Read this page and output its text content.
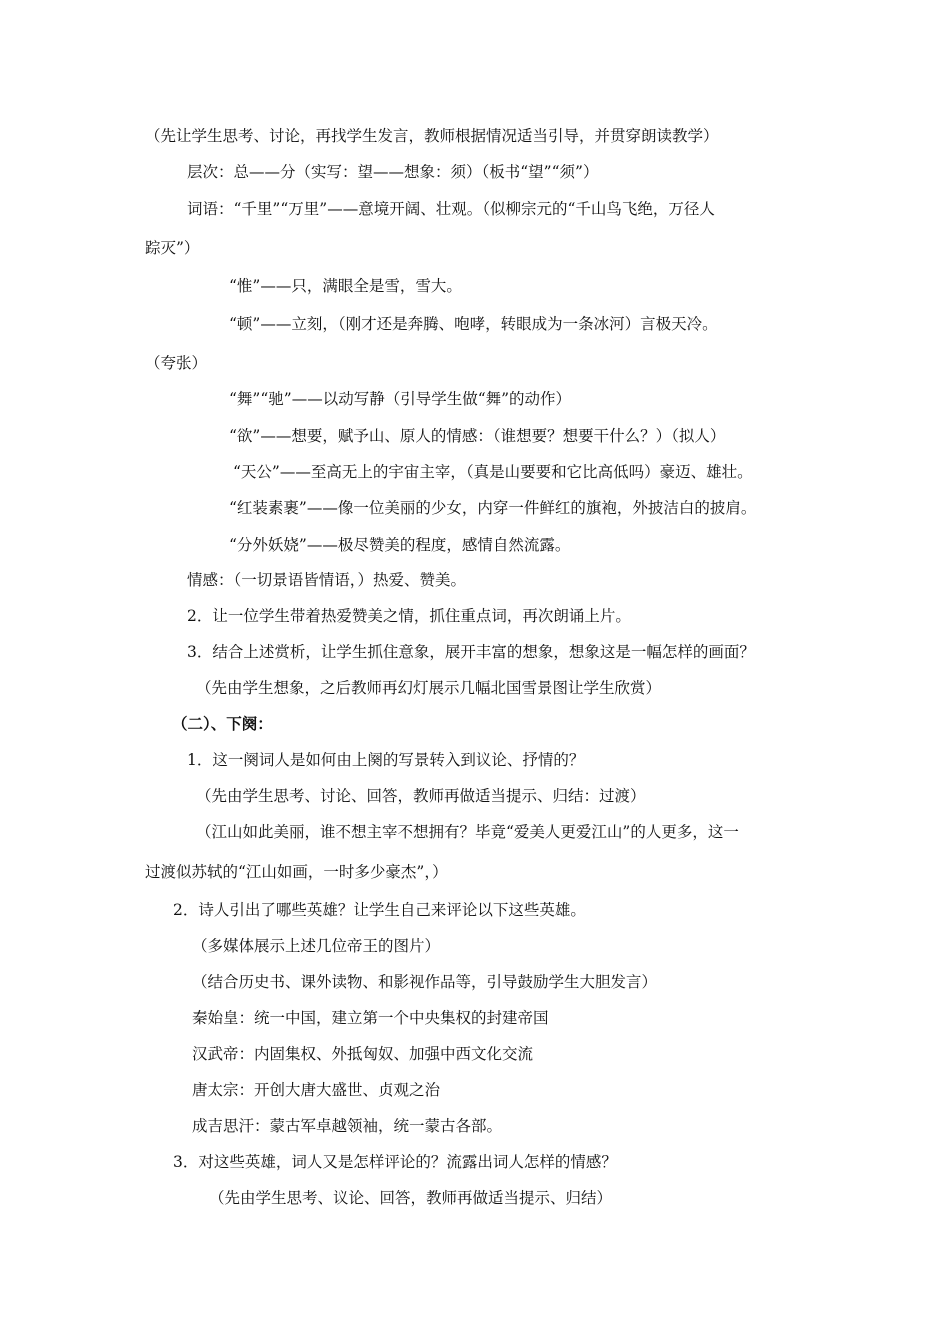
（先让学生思考、讨论，再找学生发言，教师根据情况适当引导，并贯穿朗读教学）
层次：总——分（实写：望——想象：须）（板书“望”“须”）
词语：“千里”“万里”——意境开阔、壮观。（似柳宗元的“千山鸟飞绝，万径人
踪灭”）
“惟”——只，满眼全是雪，雪大。
“顿”——立刻，（刚才还是奔腾、咆哮，转眼成为一条冰河）言极天冷。
（夸张）
“舞”“驰”——以动写静（引导学生做“舞”的动作）
“欲”——想要，赋予山、原人的情感：（谁想要？想要干什么？）（拟人）
“天公”——至高无上的宇宙主宰，（真是山要要和它比高低吗）豪迈、雄壮。
“红装素裹”——像一位美丽的少女，内穿一件鲜红的旗袍，外披洁白的披肩。
“分外妖娆”——极尽赞美的程度，感情自然流露。
情感：（一切景语皆情语，）热爱、赞美。
2．让一位学生带着热爱赞美之情，抓住重点词，再次朗诵上片。
3．结合上述赏析，让学生抓住意象，展开丰富的想象，想象这是一幅怎样的画面？
（先由学生想象，之后教师再幻灯展示几幅北国雪景图让学生欣赏）
（二）、下阕：
1．这一阕词人是如何由上阕的写景转入到议论、抒情的？
（先由学生思考、讨论、回答，教师再做适当提示、归结：过渡）
（江山如此美丽，谁不想主宰不想拥有？毕竟“爱美人更爱江山”的人更多，这一
过渡似苏轼的“江山如画，一时多少豪杰”，）
2．诗人引出了哪些英雄？让学生自己来评论以下这些英雄。
（多媒体展示上述几位帝王的图片）
（结合历史书、课外读物、和影视作品等，引导鼓励学生大胆发言）
秦始皇：统一中国，建立第一个中央集权的封建帝国
汉武帝：内固集权、外抵匈奴、加强中西文化交流
唐太宗：开创大唐大盛世、贞观之治
成吉思汗：蒙古军卓越领袖，统一蒙古各部。
3．对这些英雄，词人又是怎样评论的？流露出词人怎样的情感？
（先由学生思考、议论、回答，教师再做适当提示、归结）
